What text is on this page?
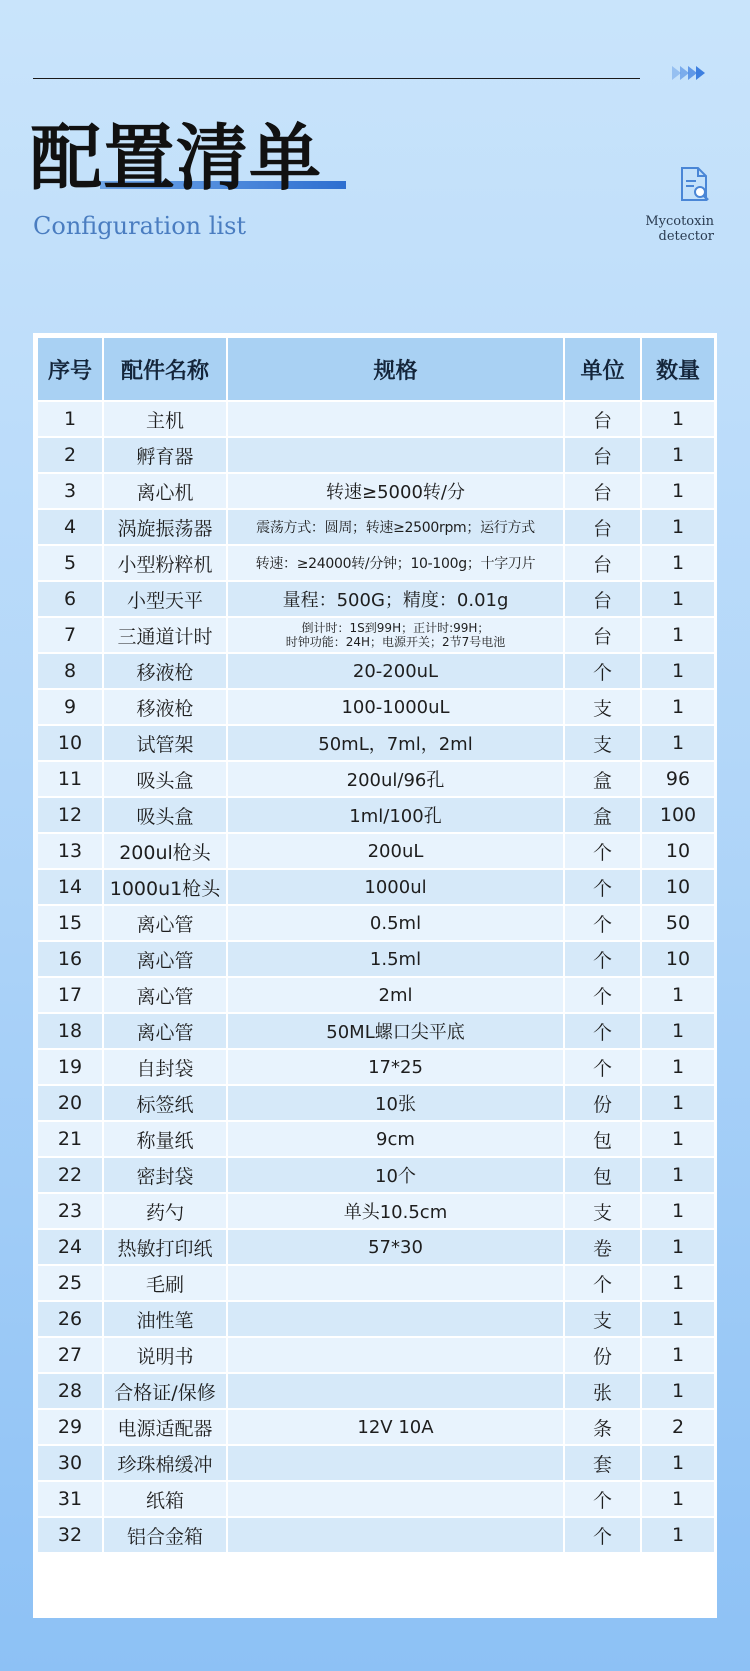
配置清单
Configuration list	Mycotoxin
detector
序号	配件名称	规格	单位	数量
1	主机		台	1
2	孵育器		台	1
3	离心机	转速≥5000转/分	台	1
4	涡旋振荡器	震荡方式：圆周；转速≥2500rpm；运行方式	台	1
5	小型粉粹机	转速：≥24000转/分钟；10-100g；十字刀片	台	1
6	小型天平	量程：500G；精度：0.01g	台	1
7	三通道计时	倒计时：1S到99H；正计时:99H；
时钟功能：24H；电源开关；2节7号电池	台	1
8	移液枪	20-200uL	个	1
9	移液枪	100-1000uL	支	1
10	试管架	50mL，7ml，2ml	支	1
11	吸头盒	200ul/96孔	盒	96
12	吸头盒	1ml/100孔	盒	100
13	200ul枪头	200uL	个	10
14	1000u1枪头	1000ul	个	10
15	离心管	0.5ml	个	50
16	离心管	1.5ml	个	10
17	离心管	2ml	个	1
18	离心管	50ML螺口尖平底	个	1
19	自封袋	17*25	个	1
20	标签纸	10张	份	1
21	称量纸	9cm	包	1
22	密封袋	10个	包	1
23	药勺	单头10.5cm	支	1
24	热敏打印纸	57*30	卷	1
25	毛刷		个	1
26	油性笔		支	1
27	说明书		份	1
28	合格证/保修		张	1
29	电源适配器	12V 10A	条	2
30	珍珠棉缓冲		套	1
31	纸箱		个	1
32	铝合金箱		个	1
